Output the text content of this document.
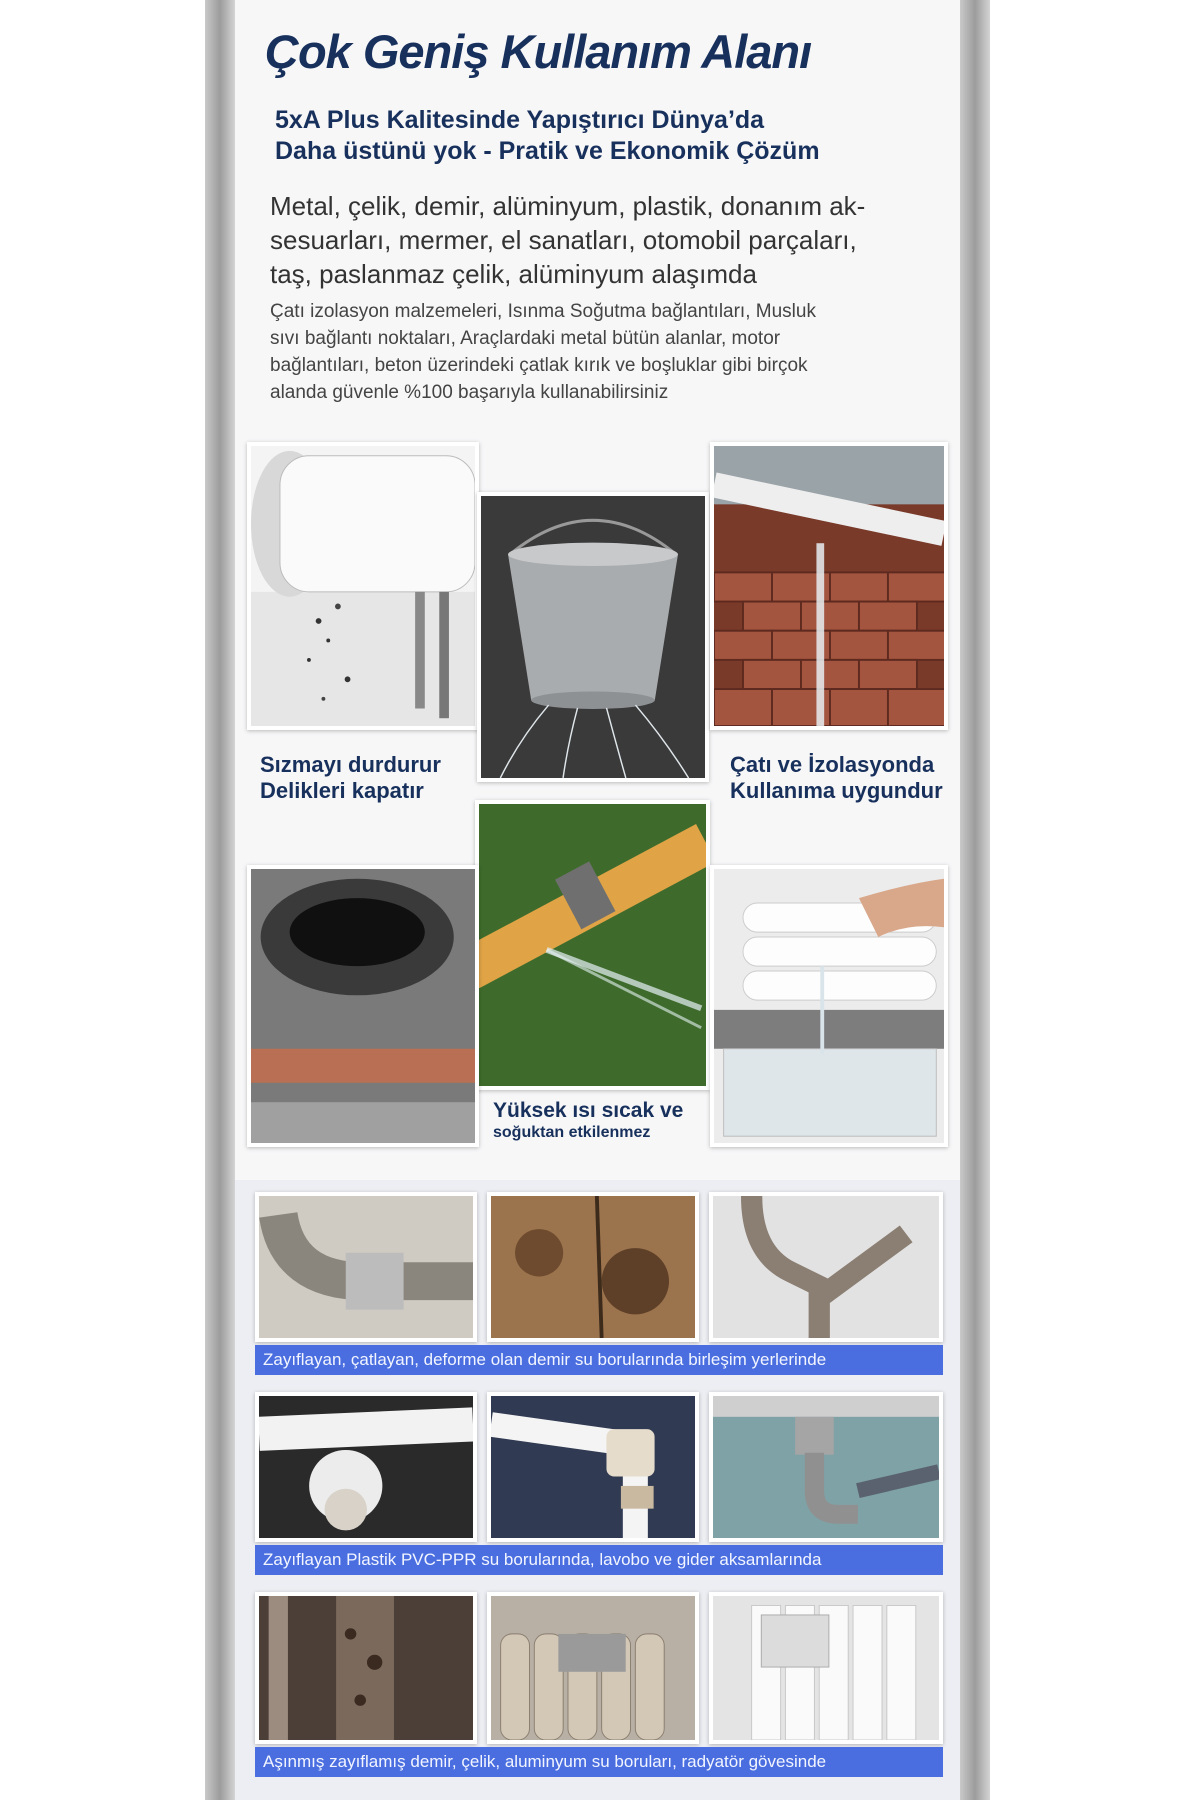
Çok Geniş Kullanım Alanı
5xA Plus Kalitesinde Yapıştırıcı Dünya’da
Daha üstünü yok - Pratik ve Ekonomik Çözüm
Metal, çelik, demir, alüminyum, plastik, donanım ak-
sesuarları, mermer, el sanatları, otomobil parçaları,
taş, paslanmaz çelik, alüminyum alaşımda
Çatı izolasyon malzemeleri, Isınma Soğutma bağlantıları, Musluk
sıvı bağlantı noktaları, Araçlardaki metal bütün alanlar, motor
bağlantıları, beton üzerindeki çatlak kırık ve boşluklar gibi birçok
alanda güvenle %100 başarıyla kullanabilirsiniz
Sızmayı durdurur
Delikleri kapatır
Çatı ve İzolasyonda
Kullanıma uygundur
Yüksek ısı sıcak ve
soğuktan etkilenmez
Zayıflayan, çatlayan, deforme olan demir su borularında birleşim yerlerinde
Zayıflayan Plastik PVC-PPR su borularında, lavobo ve gider aksamlarında
Aşınmış zayıflamış demir, çelik, aluminyum su boruları, radyatör gövesinde
